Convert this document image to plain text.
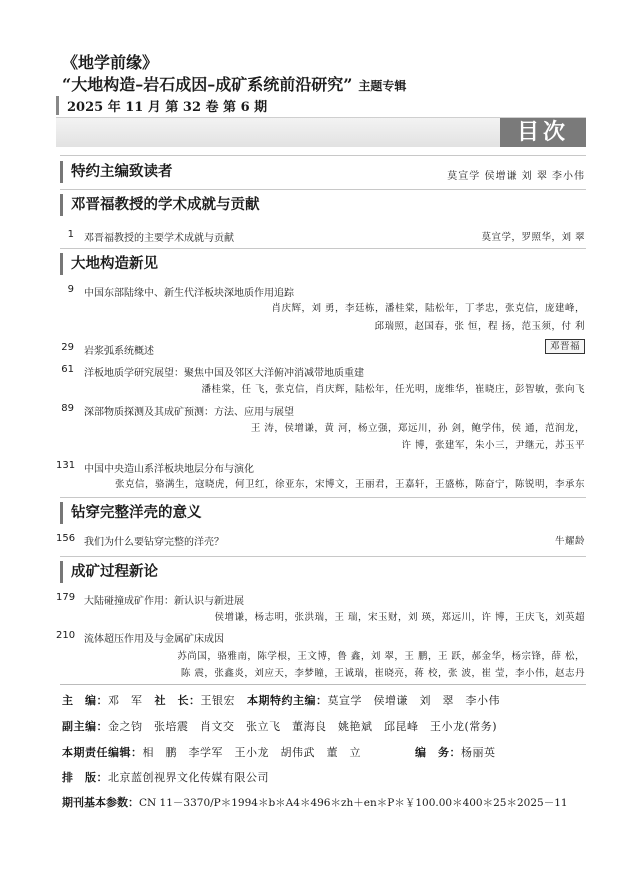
《地学前缘》
“大地构造–岩石成因–成矿系统前沿研究” 主题专辑
2025 年 11 月 第 32 卷 第 6 期
目次
特约主编致读者	莫宣学 侯增谦 刘 翠 李小伟
邓晋福教授的学术成就与贡献
1 邓晋福教授的主要学术成就与贡献	莫宣学，罗照华，刘 翠
大地构造新见
9 中国东部陆缘中、新生代洋板块深地质作用追踪
肖庆辉，刘 勇，李廷栋，潘桂棠，陆松年，丁孝忠，张克信，庞建峰，
邱瑞照，赵国春，张 恒，程 扬，范玉须，付 利
29 岩浆弧系统概述	邓晋福
61 洋板地质学研究展望：聚焦中国及邻区大洋俯冲消减带地质重建
潘桂棠，任 飞，张克信，肖庆辉，陆松年，任光明，庞维华，崔晓庄，彭智敏，张向飞
89 深部物质探测及其成矿预测：方法、应用与展望
王 涛，侯增谦，黄 河，杨立强，郑远川，孙 剑，鲍学伟，侯 通，范润龙，
许 博，张建军，朱小三，尹继元，苏玉平
131 中国中央造山系洋板块地层分布与演化
张克信，骆满生，寇晓虎，何卫红，徐亚东，宋博文，王丽君，王嘉轩，王盛栋，陈奋宁，陈锐明，李承东
钻穿完整洋壳的意义
156 我们为什么要钻穿完整的洋壳？	牛耀龄
成矿过程新论
179 大陆碰撞成矿作用：新认识与新进展
侯增谦，杨志明，张洪瑞，王 瑞，宋玉财，刘 瑛，郑远川，许 博，王庆飞，刘英超
210 流体超压作用及与金属矿床成因
苏尚国，骆雅南，陈学根，王文博，鲁 鑫，刘 翠，王 鹏，王 跃，郝金华，杨宗锋，薛 松，
陈 震，张鑫炎，刘应天，李梦瞳，王诚瑞，崔晓亮，蒋 校，张 波，崔 莹，李小伟，赵志丹
主　编：邓　军 社　长：王银宏 本期特约主编：莫宣学　侯增谦　刘　翠　李小伟
副主编：金之钧　张培震　肖文交　张立飞　董海良　姚艳斌　邱昆峰　王小龙(常务)
本期责任编辑：相　鹏　李学军　王小龙　胡伟武　董　立	编　务：杨丽英
排　版：北京蓝创视界文化传媒有限公司
期刊基本参数：CN 11－3370/P＊1994＊b＊A4＊496＊zh＋en＊P＊￥100.00＊400＊25＊2025－11
